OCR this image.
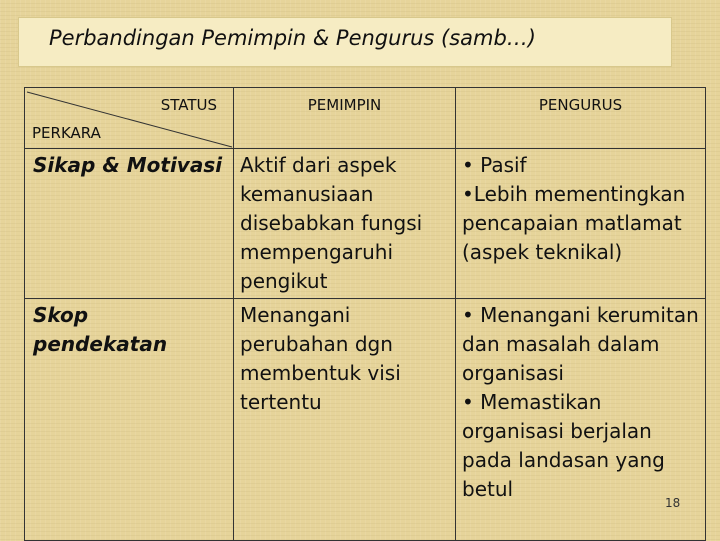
Perbandingan Pemimpin & Pengurus (samb…)
STATUS
PERKARA	PEMIMPIN	PENGURUS
Sikap & Motivasi	Aktif dari aspek kemanusiaan disebabkan fungsi mempengaruhi pengikut	• Pasif
•Lebih mementingkan pencapaian matlamat (aspek teknikal)

Skop pendekatan	Menangani perubahan dgn membentuk visi tertentu	• Menangani kerumitan dan masalah dalam organisasi
• Memastikan organisasi berjalan pada landasan yang betul
18
